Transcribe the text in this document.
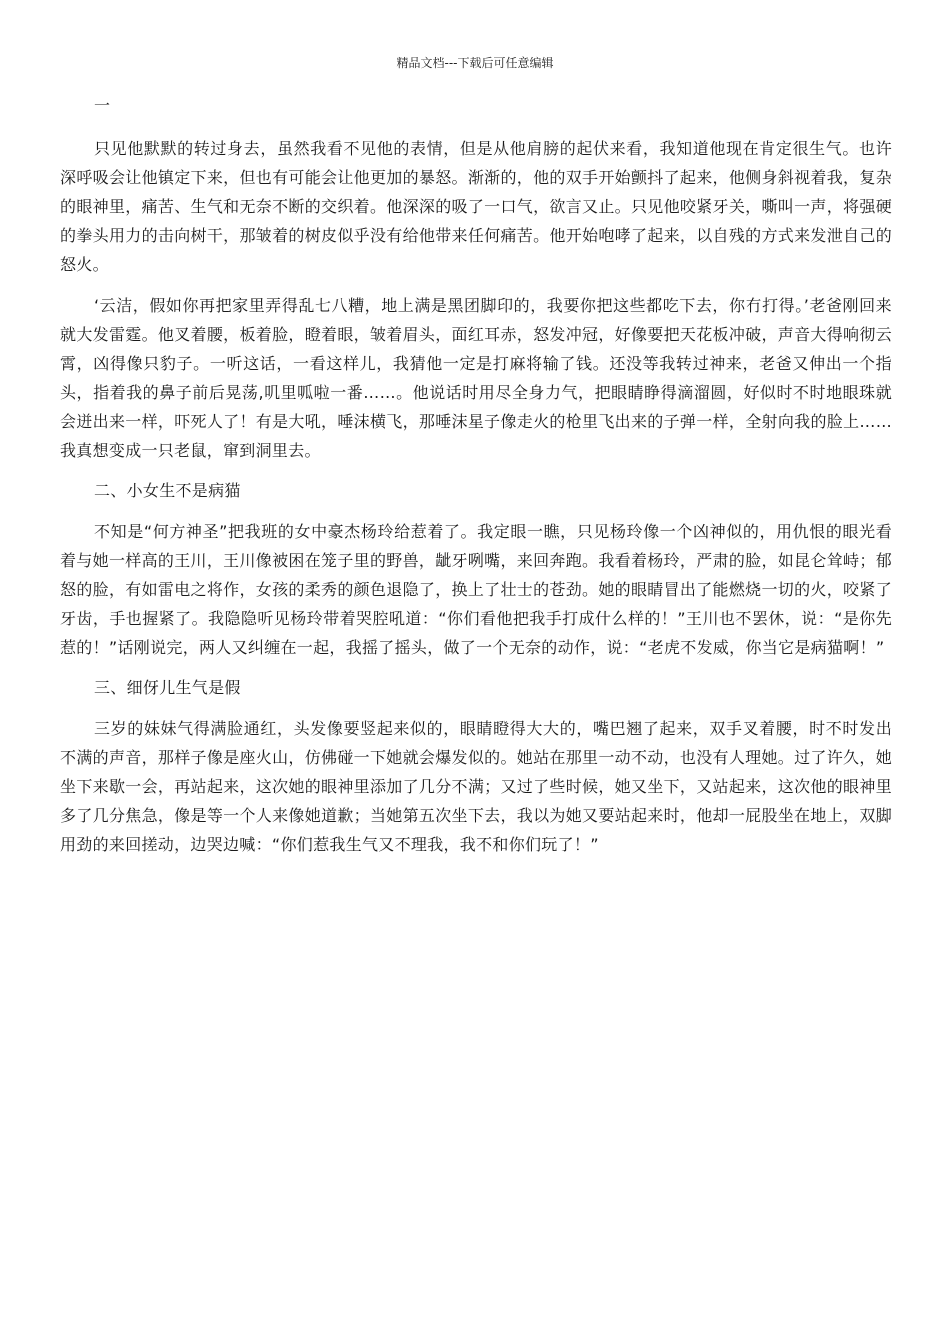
精品文档---下载后可任意编辑
一

只见他默默的转过身去，虽然我看不见他的表情，但是从他肩膀的起伏来看，我知道他现在肯定很生气。也许深呼吸会让他镇定下来，但也有可能会让他更加的暴怒。渐渐的，他的双手开始颤抖了起来，他侧身斜视着我，复杂的眼神里，痛苦、生气和无奈不断的交织着。他深深的吸了一口气，欲言又止。只见他咬紧牙关，嘶叫一声，将强硬的拳头用力的击向树干，那皱着的树皮似乎没有给他带来任何痛苦。他开始咆哮了起来，以自残的方式来发泄自己的怒火。

‘云洁，假如你再把家里弄得乱七八糟，地上满是黑团脚印的，我要你把这些都吃下去，你冇打得。’老爸刚回来就大发雷霆。他叉着腰，板着脸，瞪着眼，皱着眉头，面红耳赤，怒发冲冠，好像要把天花板冲破，声音大得响彻云霄，凶得像只豹子。一听这话，一看这样儿，我猜他一定是打麻将输了钱。还没等我转过神来，老爸又伸出一个指头，指着我的鼻子前后晃荡,叽里呱啦一番……。他说话时用尽全身力气，把眼睛睁得滴溜圆，好似时不时地眼珠就会迸出来一样，吓死人了！有是大吼，唾沫横飞，那唾沫星子像走火的枪里飞出来的子弹一样，全射向我的脸上……我真想变成一只老鼠，窜到洞里去。

二、小女生不是病猫

不知是“何方神圣”把我班的女中豪杰杨玲给惹着了。我定眼一瞧，只见杨玲像一个凶神似的，用仇恨的眼光看着与她一样高的王川，王川像被困在笼子里的野兽，龇牙咧嘴，来回奔跑。我看着杨玲，严肃的脸，如昆仑耸峙；郁怒的脸，有如雷电之将作，女孩的柔秀的颜色退隐了，换上了壮士的苍劲。她的眼睛冒出了能燃烧一切的火，咬紧了牙齿，手也握紧了。我隐隐听见杨玲带着哭腔吼道：“你们看他把我手打成什么样的！”王川也不罢休，说：“是你先惹的！”话刚说完，两人又纠缠在一起，我摇了摇头，做了一个无奈的动作，说：“老虎不发威，你当它是病猫啊！”

三、细伢儿生气是假

三岁的妹妹气得满脸通红，头发像要竖起来似的，眼睛瞪得大大的，嘴巴翘了起来，双手叉着腰，时不时发出不满的声音，那样子像是座火山，仿佛碰一下她就会爆发似的。她站在那里一动不动，也没有人理她。过了许久，她坐下来歇一会，再站起来，这次她的眼神里添加了几分不满；又过了些时候，她又坐下，又站起来，这次他的眼神里多了几分焦急，像是等一个人来像她道歉；当她第五次坐下去，我以为她又要站起来时，他却一屁股坐在地上，双脚用劲的来回搓动，边哭边喊：“你们惹我生气又不理我，我不和你们玩了！”
